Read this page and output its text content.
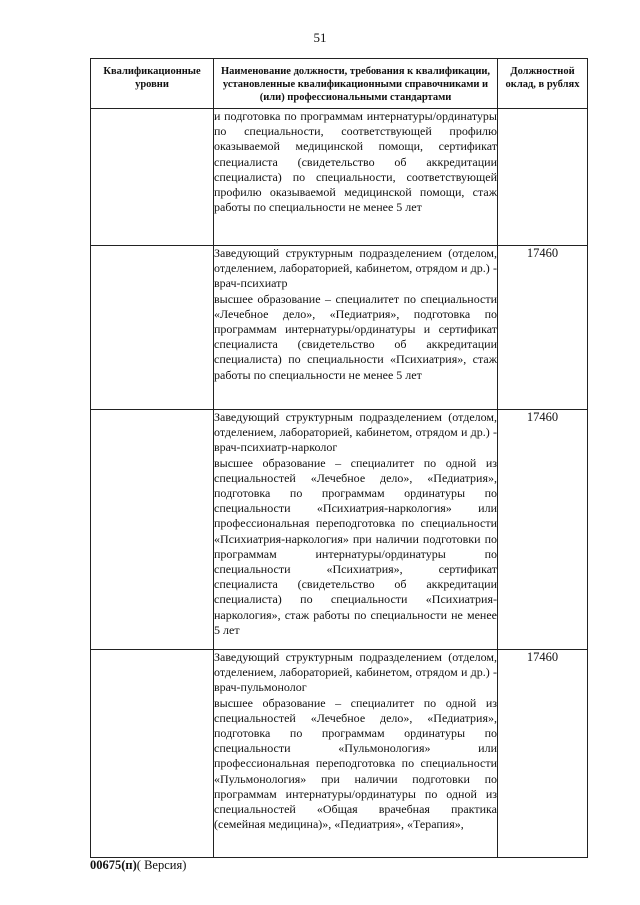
51
Квалификационные уровни	Наименование должности, требования к квалификации, установленные квалификационными справочниками и (или) профессиональными стандартами	Должностной оклад, в рублях

	и подготовка по программам интернатуры/ординатуры по специальности, соответствующей профилю оказываемой медицинской помощи, сертификат специалиста (свидетельство об аккредитации специалиста) по специальности, соответствующей профилю оказываемой медицинской помощи, стаж работы по специальности не менее 5 лет	

	Заведующий структурным подразделением (отделом, отделением, лабораторией, кабинетом, отрядом и др.) - врач-психиатр

высшее образование – специалитет по специальности «Лечебное дело», «Педиатрия», подготовка по программам интернатуры/ординатуры и сертификат специалиста (свидетельство об аккредитации специалиста) по специальности «Психиатрия», стаж работы по специальности не менее 5 лет	17460

	Заведующий структурным подразделением (отделом, отделением, лабораторией, кабинетом, отрядом и др.) - врач-психиатр-нарколог

высшее образование – специалитет по одной из специальностей «Лечебное дело», «Педиатрия», подготовка по программам ординатуры по специальности «Психиатрия-наркология» или профессиональная переподготовка по специальности «Психиатрия-наркология» при наличии подготовки по программам интернатуры/ординатуры по специальности «Психиатрия», сертификат специалиста (свидетельство об аккредитации специалиста) по специальности «Психиатрия-наркология», стаж работы по специальности не менее 5 лет	17460

	Заведующий структурным подразделением (отделом, отделением, лабораторией, кабинетом, отрядом и др.) - врач-пульмонолог

высшее образование – специалитет по одной из специальностей «Лечебное дело», «Педиатрия», подготовка по программам ординатуры по специальности «Пульмонология» или профессиональная переподготовка по специальности «Пульмонология» при наличии подготовки по программам интернатуры/ординатуры по одной из специальностей «Общая врачебная практика (семейная медицина)», «Педиатрия», «Терапия»,	17460
00675(п)( Версия)
